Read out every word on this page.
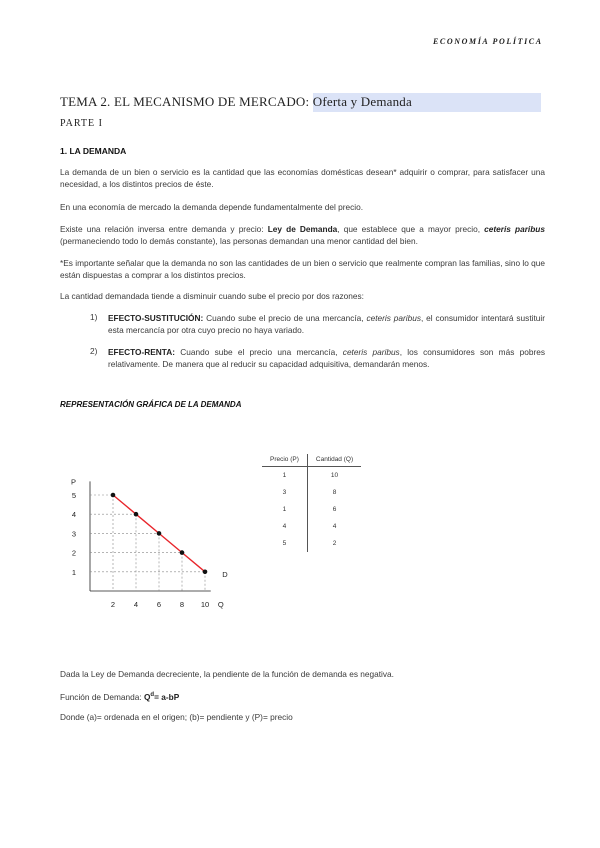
ECONOMÍA POLÍTICA
TEMA 2. EL MECANISMO DE MERCADO: Oferta y Demanda
PARTE I
1. LA DEMANDA
La demanda de un bien o servicio es la cantidad que las economías domésticas desean* adquirir o comprar, para satisfacer una necesidad, a los distintos precios de éste.
En una economía de mercado la demanda depende fundamentalmente del precio.
Existe una relación inversa entre demanda y precio: Ley de Demanda, que establece que a mayor precio, ceteris paribus (permaneciendo todo lo demás constante), las personas demandan una menor cantidad del bien.
*Es importante señalar que la demanda no son las cantidades de un bien o servicio que realmente compran las familias, sino lo que están dispuestas a comprar a los distintos precios.
La cantidad demandada tiende a disminuir cuando sube el precio por dos razones:
1) EFECTO-SUSTITUCIÓN: Cuando sube el precio de una mercancía, ceteris paribus, el consumidor intentará sustituir esta mercancía por otra cuyo precio no haya variado.
2) EFECTO-RENTA: Cuando sube el precio una mercancía, ceteris paribus, los consumidores son más pobres relativamente. De manera que al reducir su capacidad adquisitiva, demandarán menos.
REPRESENTACIÓN GRÁFICA DE LA DEMANDA
2	4	6	8 10
1
2
3
4
5
P
Q
D
Precio (P)	Cantidad (Q)
1	10
3	8
1	6
4	4
5	2
Dada la Ley de Demanda decreciente, la pendiente de la función de demanda es negativa.
Función de Demanda: $Q^d= a-bP$
Donde (a)= ordenada en el origen; (b)= pendiente y (P)= precio
